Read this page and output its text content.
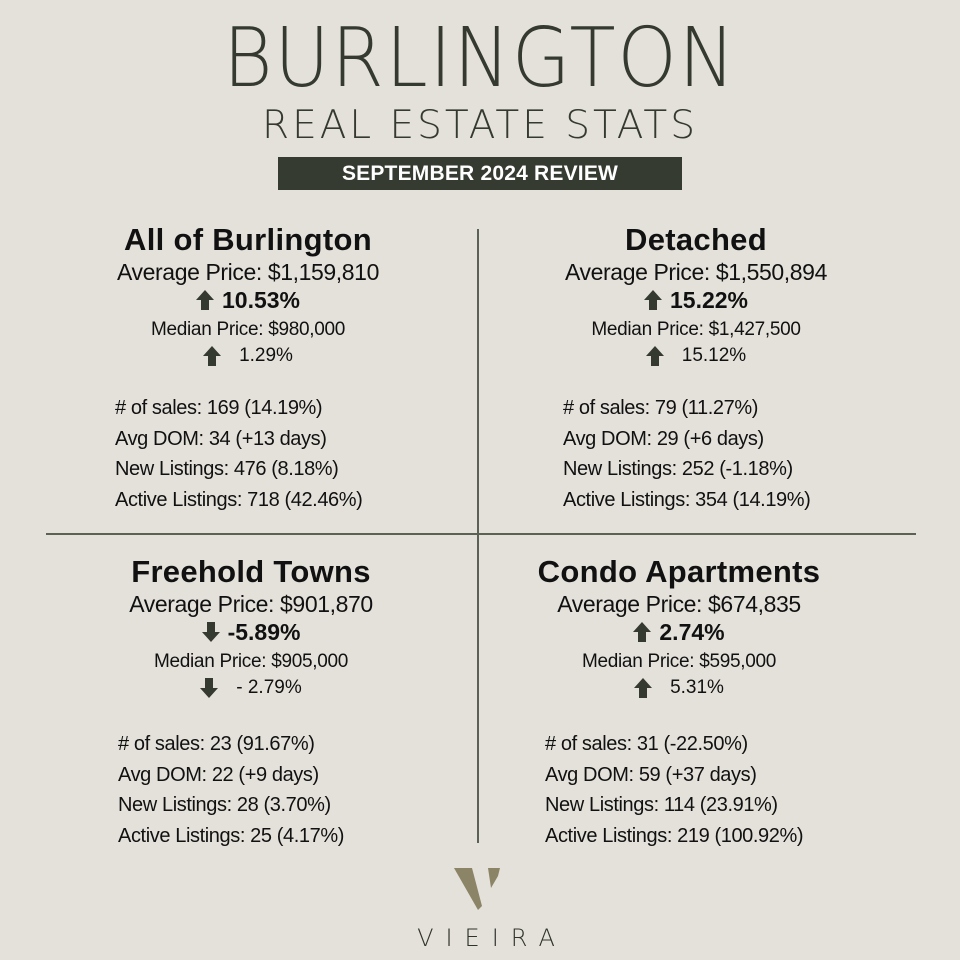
BURLINGTON
REAL ESTATE STATS
SEPTEMBER 2024 REVIEW
All of Burlington
Average Price: $1,159,810
10.53%
Median Price: $980,000
1.29%
# of sales: 169 (14.19%)
Avg DOM: 34 (+13 days)
New Listings: 476 (8.18%)
Active Listings: 718 (42.46%)
Detached
Average Price: $1,550,894
15.22%
Median Price: $1,427,500
15.12%
# of sales: 79 (11.27%)
Avg DOM: 29 (+6 days)
New Listings: 252 (-1.18%)
Active Listings: 354 (14.19%)
Freehold Towns
Average Price: $901,870
-5.89%
Median Price: $905,000
- 2.79%
# of sales: 23 (91.67%)
Avg DOM: 22 (+9 days)
New Listings: 28 (3.70%)
Active Listings: 25 (4.17%)
Condo Apartments
Average Price: $674,835
2.74%
Median Price: $595,000
5.31%
# of sales: 31 (-22.50%)
Avg DOM: 59 (+37 days)
New Listings: 114 (23.91%)
Active Listings: 219 (100.92%)
VIEIRA
